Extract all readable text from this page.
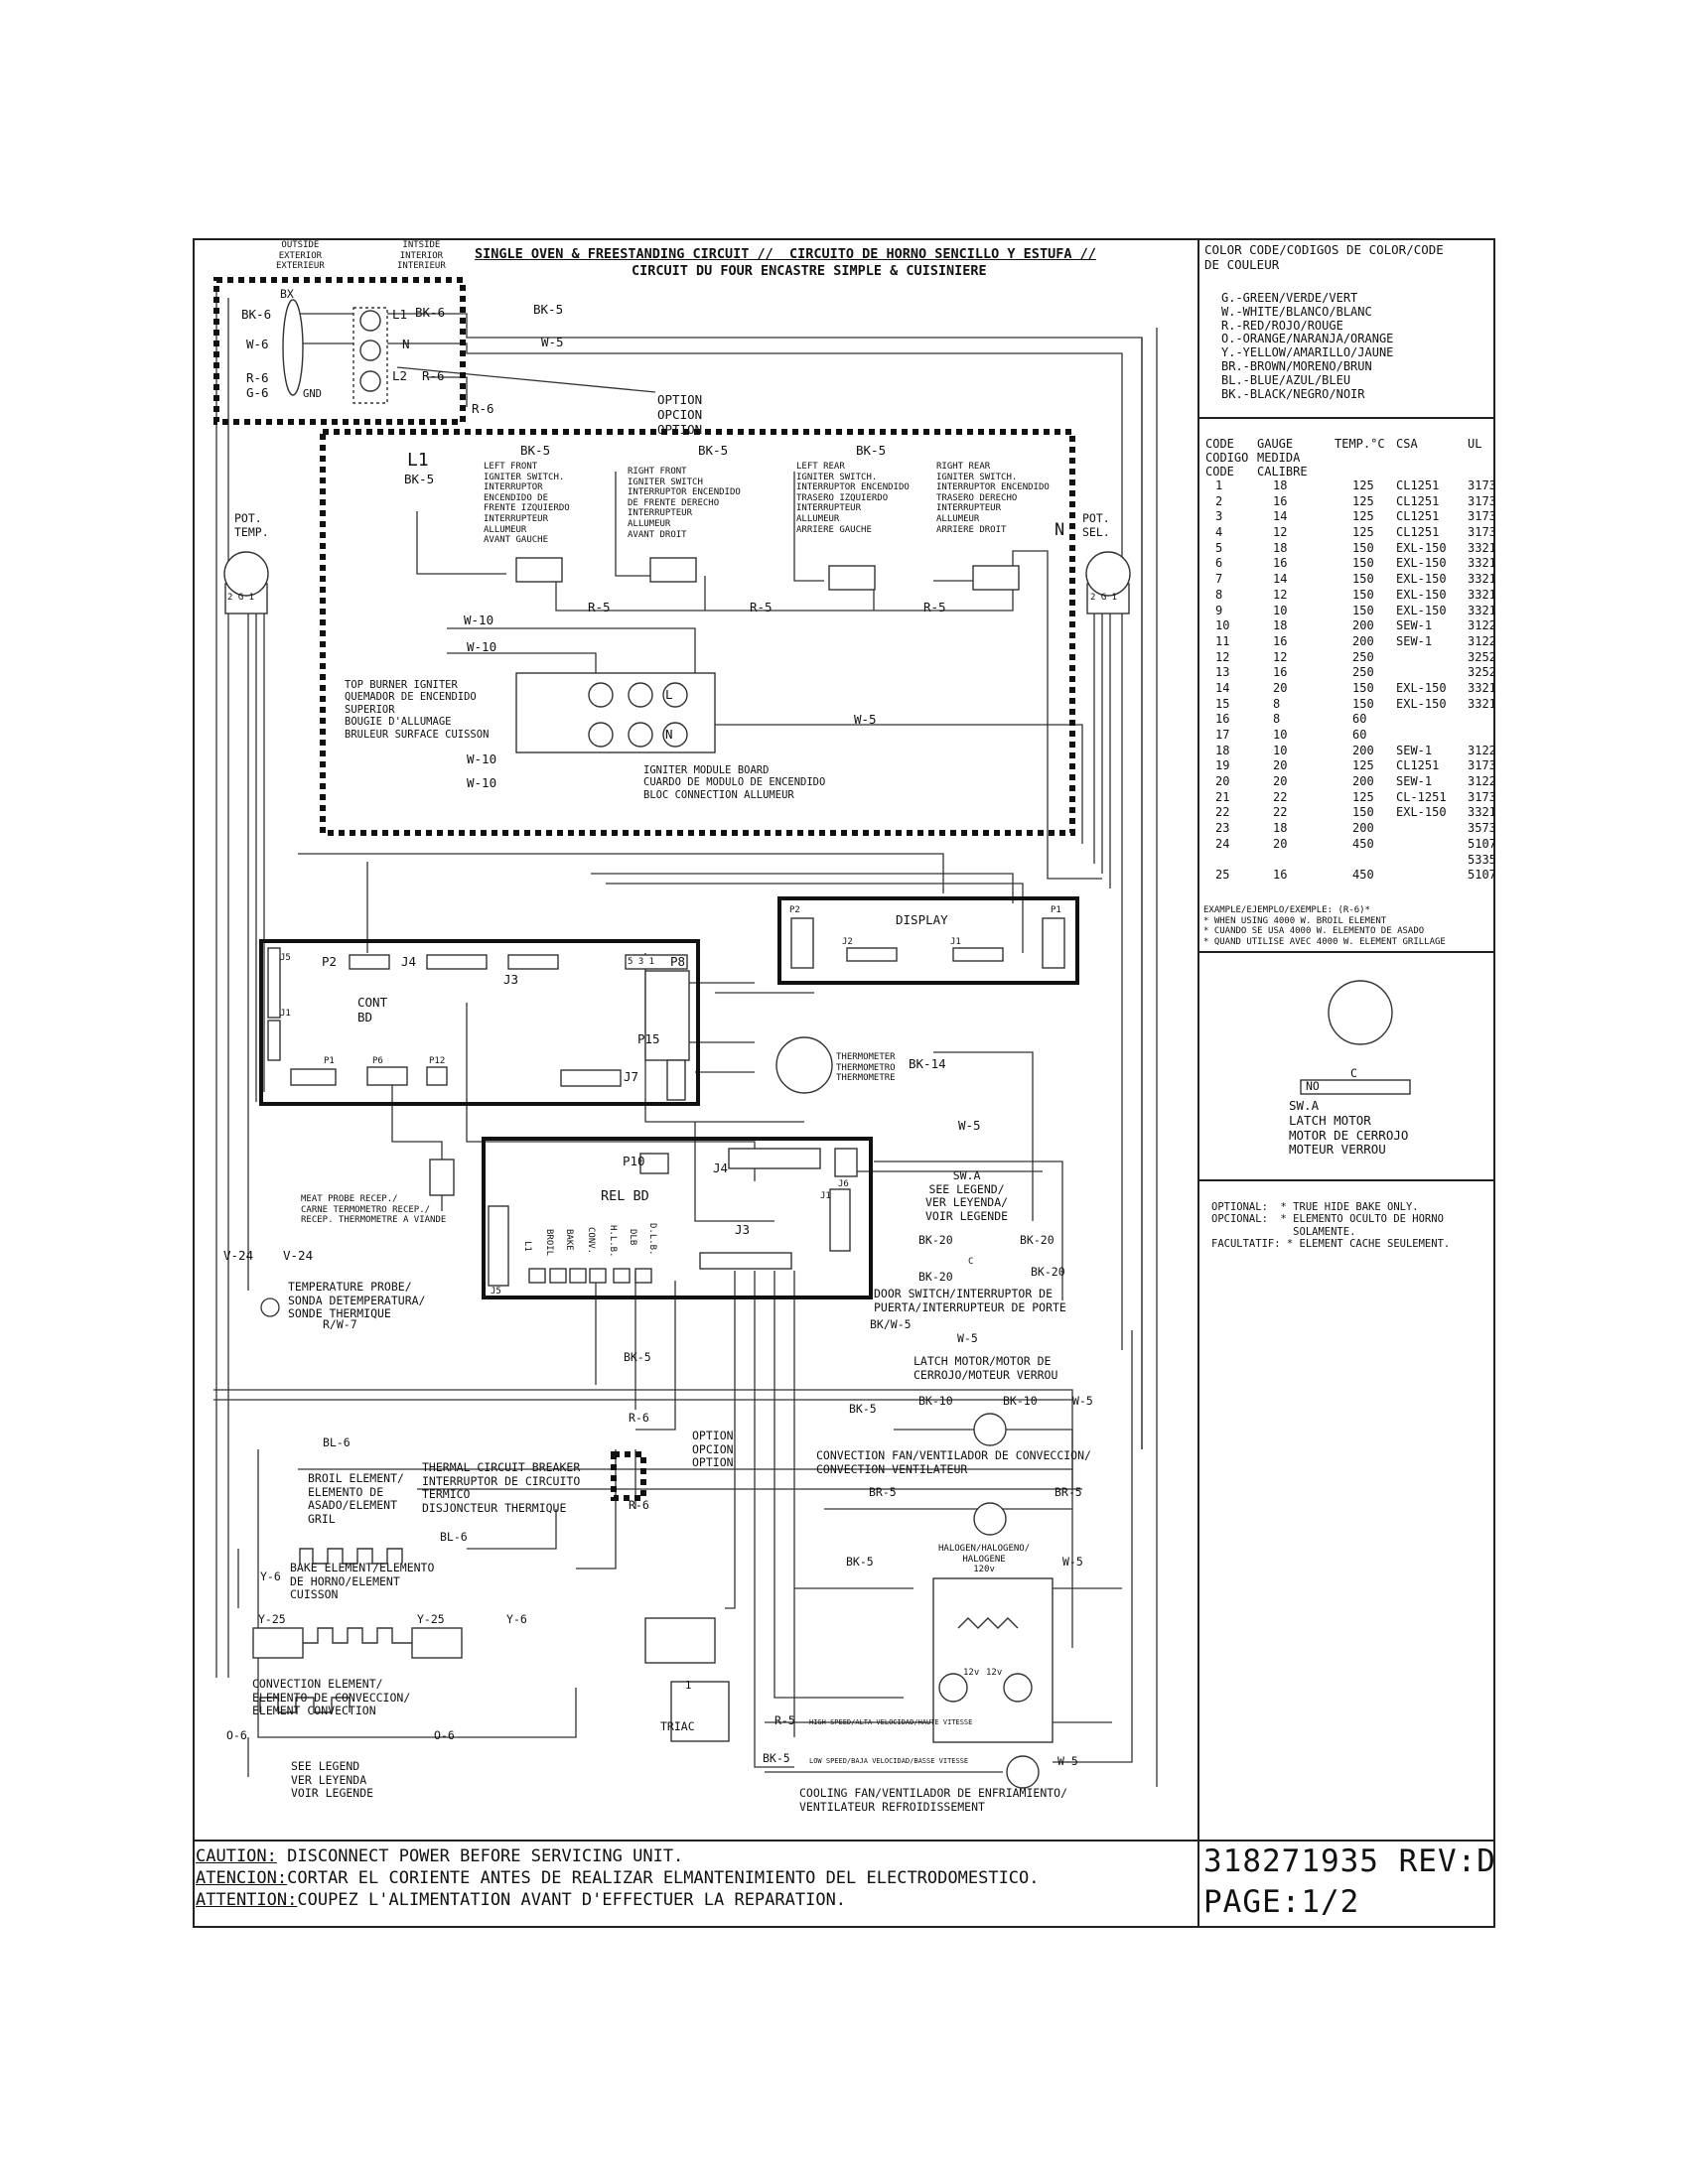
OUTSIDE
EXTERIOR
EXTERIEUR
INTSIDE
INTERIOR
INTERIEUR
SINGLE OVEN & FREESTANDING CIRCUIT //  CIRCUITO DE HORNO SENCILLO Y ESTUFA //
CIRCUIT DU FOUR ENCASTRE SIMPLE & CUISINIERE
COLOR CODE/CODIGOS DE COLOR/CODE
DE COULEUR
G.-GREEN/VERDE/VERT
W.-WHITE/BLANCO/BLANC
R.-RED/ROJO/ROUGE
O.-ORANGE/NARANJA/ORANGE
Y.-YELLOW/AMARILLO/JAUNE
BR.-BROWN/MORENO/BRUN
BL.-BLUE/AZUL/BLEU
BK.-BLACK/NEGRO/NOIR
CODE
CODIGO
CODE	GAUGE
MEDIDA
CALIBRE	TEMP.°C	CSA	UL
1	18	125	CL1251	3173
2	16	125	CL1251	3173
3	14	125	CL1251	3173
4	12	125	CL1251	3173
5	18	150	EXL-150	3321
6	16	150	EXL-150	3321
7	14	150	EXL-150	3321
8	12	150	EXL-150	3321
9	10	150	EXL-150	3321
10	18	200	SEW-1	3122
11	16	200	SEW-1	3122
12	12	250		3252
13	16	250		3252
14	20	150	EXL-150	3321
15	8	150	EXL-150	3321
16	8	60		
17	10	60		
18	10	200	SEW-1	3122
19	20	125	CL1251	3173
20	20	200	SEW-1	3122
21	22	125	CL-1251	3173
22	22	150	EXL-150	3321
23	18	200		3573
24	20	450		5107
				5335
25	16	450		5107
EXAMPLE/EJEMPLO/EXEMPLE: (R-6)*
* WHEN USING 4000 W. BROIL ELEMENT
* CUANDO SE USA 4000 W. ELEMENTO DE ASADO
* QUAND UTILISE AVEC 4000 W. ELEMENT GRILLAGE
NO
C
SW.A
LATCH MOTOR
MOTOR DE CERROJO
MOTEUR VERROU
OPTIONAL:  * TRUE HIDE BAKE ONLY.
OPCIONAL:  * ELEMENTO OCULTO DE HORNO
SOLAMENTE.
FACULTATIF: * ELEMENT CACHE SEULEMENT.
BX
BK-6
W-6
R-6
G-6
L1
N
L2
BK-6
R-6
GND
BK-5
W-5
R-6
OPTION
OPCION
OPTION
L1
BK-5
POT.
TEMP.
POT.
SEL.
N
2 G 1	2 G 1
BK-5	BK-5	BK-5
LEFT FRONT
IGNITER SWITCH.
INTERRUPTOR
ENCENDIDO DE
FRENTE IZQUIERDO
INTERRUPTEUR
ALLUMEUR
AVANT GAUCHE
RIGHT FRONT
IGNITER SWITCH
INTERRUPTOR ENCENDIDO
DE FRENTE DERECHO
INTERRUPTEUR
ALLUMEUR
AVANT DROIT
LEFT REAR
IGNITER SWITCH.
INTERRUPTOR ENCENDIDO
TRASERO IZQUIERDO
INTERRUPTEUR
ALLUMEUR
ARRIERE GAUCHE
RIGHT REAR
IGNITER SWITCH.
INTERRUPTOR ENCENDIDO
TRASERO DERECHO
INTERRUPTEUR
ALLUMEUR
ARRIERE DROIT
R-5	R-5	R-5
W-10
W-10
W-10
W-10
TOP BURNER IGNITER
QUEMADOR DE ENCENDIDO
SUPERIOR
BOUGIE D'ALLUMAGE
BRULEUR SURFACE CUISSON
IGNITER MODULE BOARD
CUARDO DE MODULO DE ENCENDIDO
BLOC CONNECTION ALLUMEUR
L
N
W-5
DISPLAY
P2
J2	J1
P1
CONT
BD
P2	J4
J3
P8
P15
J7
J5
J1
P1	P6	P12
5 3 1
THERMOMETER
THERMOMETRO
THERMOMETRE
BK-14
W-5
REL BD
P10	J4
J3
J6
J1
J5
L1 BROIL BAKE CONV. H.L.B. DLB D.L.B.
MEAT PROBE RECEP./
CARNE TERMOMETRO RECEP./
RECEP. THERMOMETRE A VIANDE
V-24 V-24
TEMPERATURE PROBE/
SONDA DETEMPERATURA/
SONDE THERMIQUE
R/W-7
SW.A
SEE LEGEND/
VER LEYENDA/
VOIR LEGENDE
BK-20	BK-20
BK-20	BK-20
C
DOOR SWITCH/INTERRUPTOR DE
PUERTA/INTERRUPTEUR DE PORTE
BK/W-5
W-5
BK-5	LATCH MOTOR/MOTOR DE
CERROJO/MOTEUR VERROU
BK-5
BK-10	BK-10	W-5
R-6
R-6
OPTION
OPCION
OPTION
BL-6
BL-6
THERMAL CIRCUIT BREAKER
INTERRUPTOR DE CIRCUITO
TERMICO
DISJONCTEUR THERMIQUE
BROIL ELEMENT/
ELEMENTO DE
ASADO/ELEMENT
GRIL
CONVECTION FAN/VENTILADOR DE CONVECCION/
CONVECTION VENTILATEUR
BR-5	BR-5
BAKE ELEMENT/ELEMENTO
DE HORNO/ELEMENT
CUISSON
Y-6
Y-6
Y-25	Y-25
BK-5	W-5
HALOGEN/HALOGENO/
HALOGENE
120v
12v 12v
CONVECTION ELEMENT/
ELEMENTO DE CONVECCION/
ELEMENT CONVECTION
O-6	O-6
SEE LEGEND
VER LEYENDA
VOIR LEGENDE
TRIAC
1
R-5 HIGH SPEED/ALTA VELOCIDAD/HAUTE VITESSE
BK-5	LOW SPEED/BAJA VELOCIDAD/BASSE VITESSE	W-5
COOLING FAN/VENTILADOR DE ENFRIAMIENTO/
VENTILATEUR REFROIDISSEMENT
CAUTION: DISCONNECT POWER BEFORE SERVICING UNIT.
ATENCION:CORTAR EL CORIENTE ANTES DE REALIZAR ELMANTENIMIENTO DEL ELECTRODOMESTICO.
ATTENTION:COUPEZ L'ALIMENTATION AVANT D'EFFECTUER LA REPARATION.
318271935 REV:D
PAGE:1/2
